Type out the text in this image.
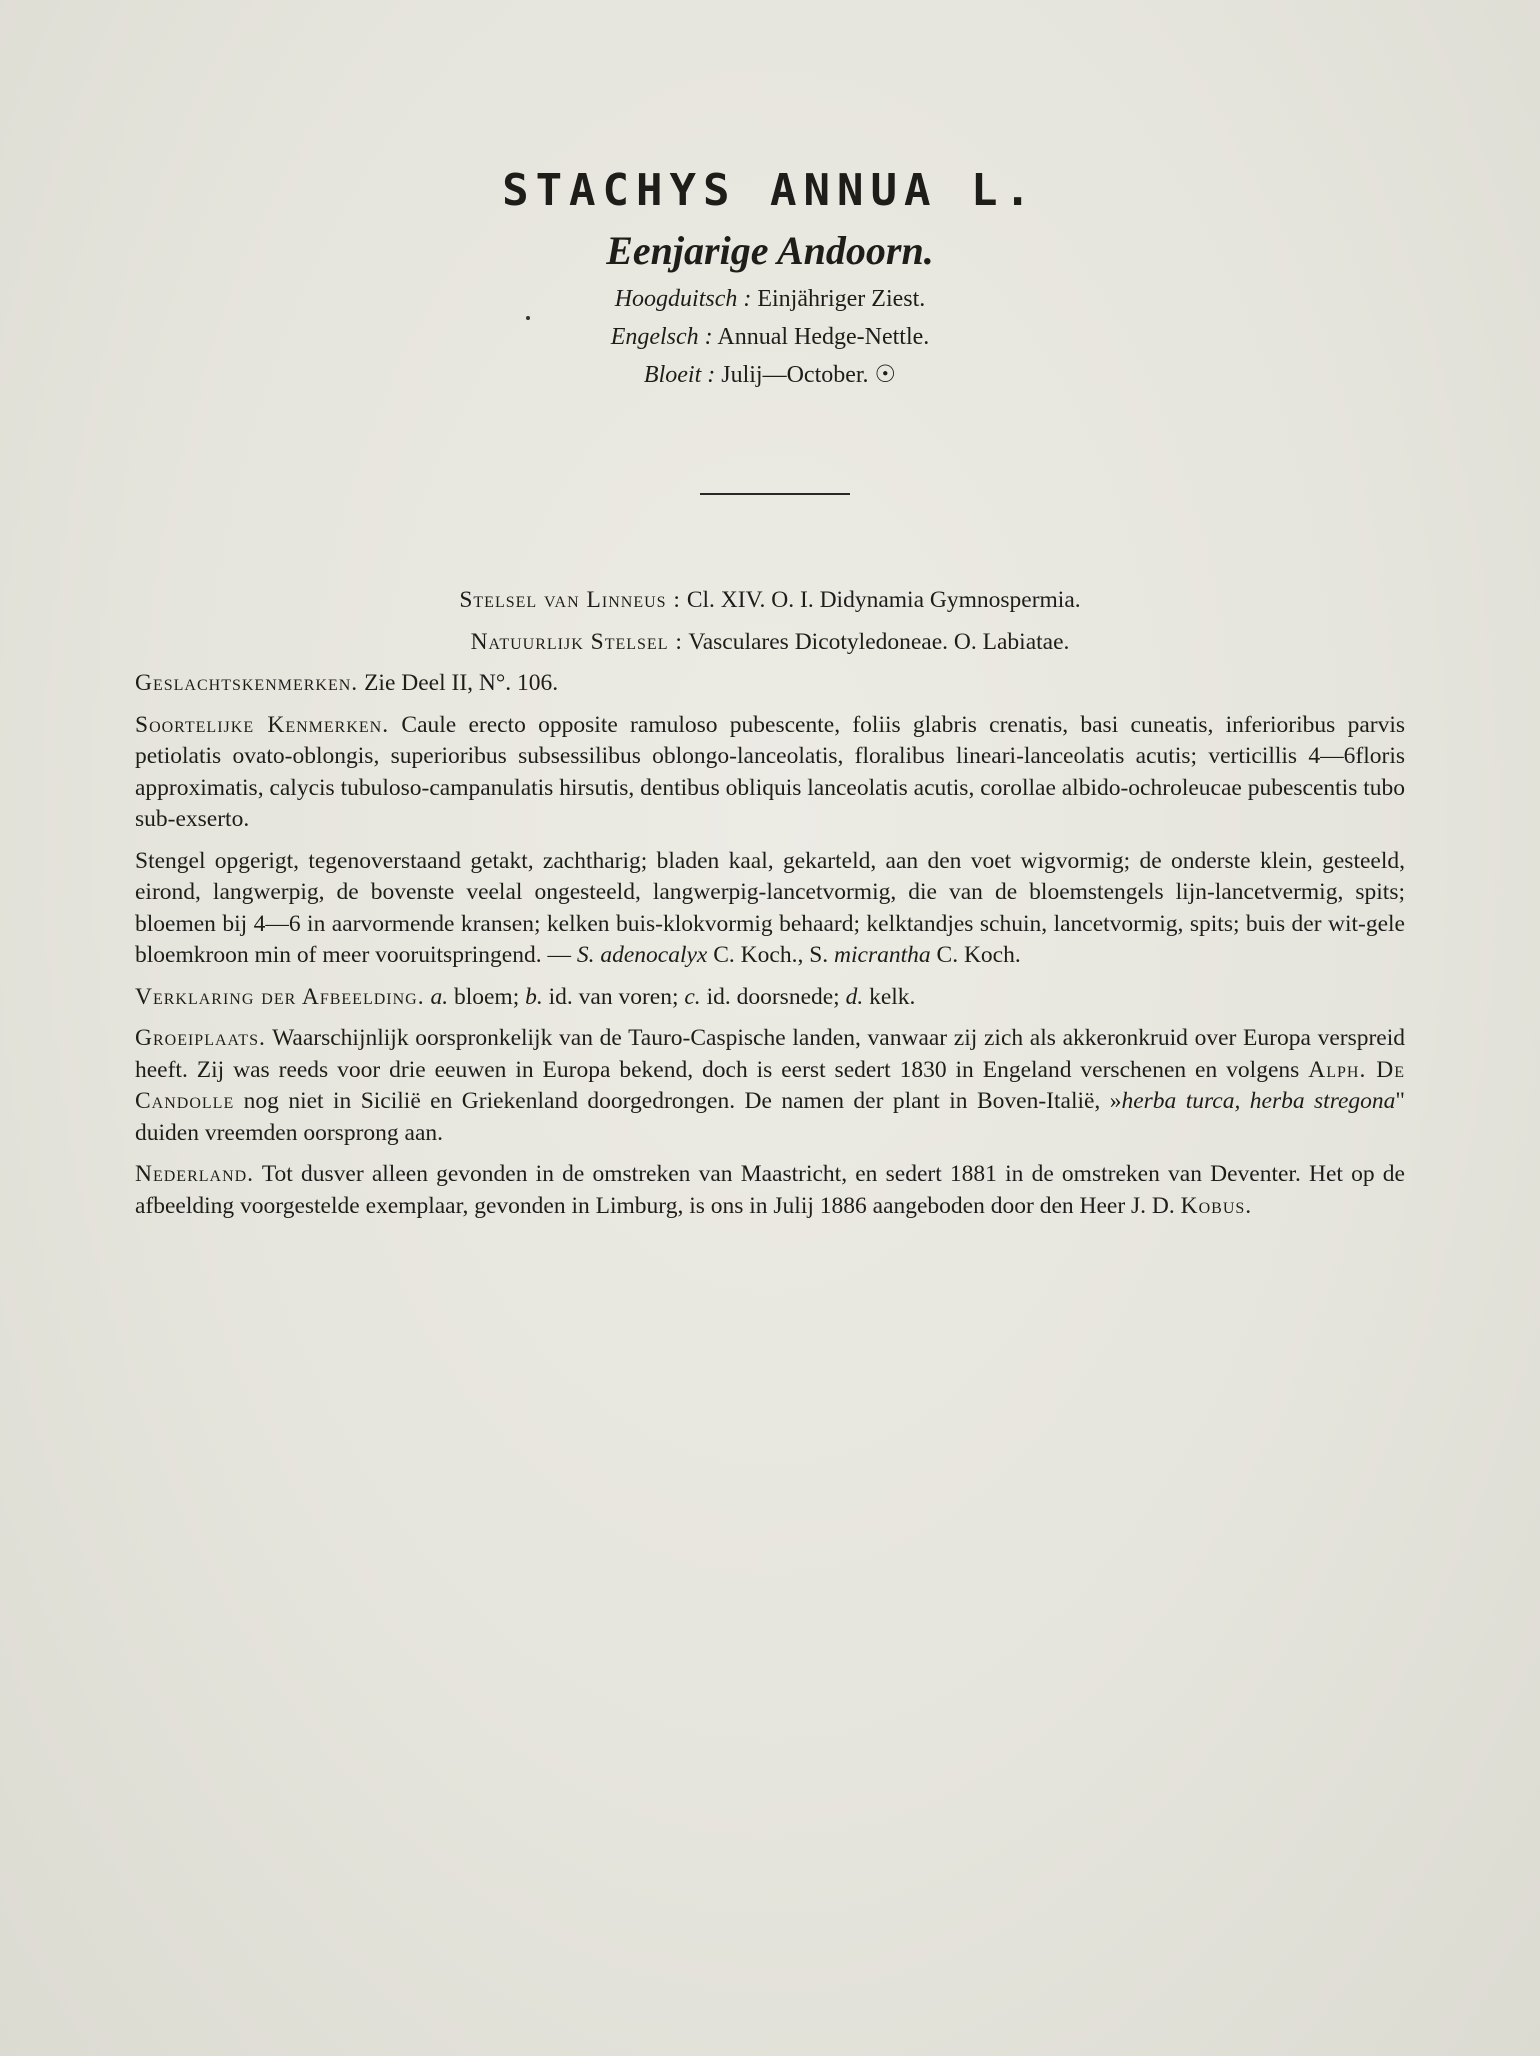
STACHYS ANNUA L.

Eenjarige Andoorn.

Hoogduitsch : Einjähriger Ziest.

Engelsch : Annual Hedge-Nettle.

Bloeit : Julij—October. ☉

Stelsel van Linneus : Cl. XIV. O. I. Didynamia Gymnospermia.

Natuurlijk Stelsel : Vasculares Dicotyledoneae. O. Labiatae.

Geslachtskenmerken. Zie Deel II, N°. 106.

Soortelijke Kenmerken. Caule erecto opposite ramuloso pubescente, foliis glabris crenatis, basi cuneatis, inferioribus parvis petiolatis ovato-oblongis, superioribus subsessilibus oblongo-lanceolatis, floralibus lineari-lanceolatis acutis; verticillis 4—6floris approximatis, calycis tubuloso-campanulatis hirsutis, dentibus obliquis lanceolatis acutis, corollae albido-ochroleucae pubescentis tubo sub-exserto.

Stengel opgerigt, tegenoverstaand getakt, zachtharig; bladen kaal, gekarteld, aan den voet wigvormig; de onderste klein, gesteeld, eirond, langwerpig, de bovenste veelal ongesteeld, langwerpig-lancetvormig, die van de bloemstengels lijn-lancetvermig, spits; bloemen bij 4—6 in aarvormende kransen; kelken buis-klokvormig behaard; kelktandjes schuin, lancetvormig, spits; buis der wit-gele bloemkroon min of meer vooruitspringend. — S. adenocalyx C. Koch., S. micrantha C. Koch.

Verklaring der Afbeelding. a. bloem; b. id. van voren; c. id. doorsnede; d. kelk.

Groeiplaats. Waarschijnlijk oorspronkelijk van de Tauro-Caspische landen, vanwaar zij zich als akkeronkruid over Europa verspreid heeft. Zij was reeds voor drie eeuwen in Europa bekend, doch is eerst sedert 1830 in Engeland verschenen en volgens Alph. De Candolle nog niet in Sicilië en Griekenland doorgedrongen. De namen der plant in Boven-Italië, »herba turca, herba stregona" duiden vreemden oorsprong aan.

Nederland. Tot dusver alleen gevonden in de omstreken van Maastricht, en sedert 1881 in de omstreken van Deventer. Het op de afbeelding voorgestelde exemplaar, gevonden in Limburg, is ons in Julij 1886 aangeboden door den Heer J. D. Kobus.
